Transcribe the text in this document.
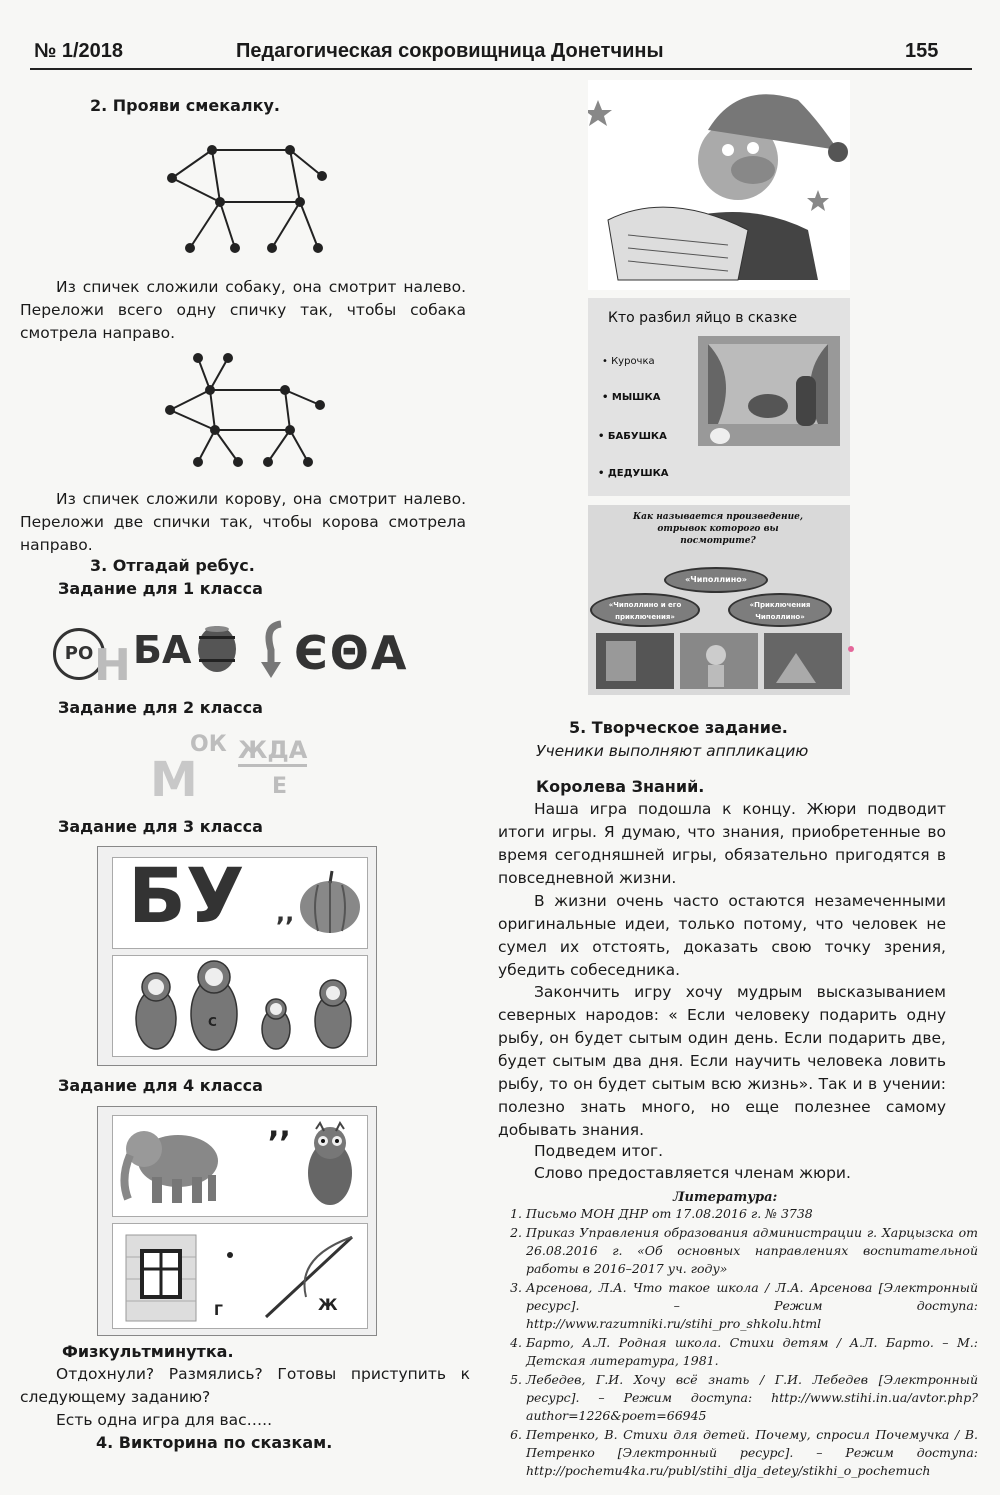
№ 1/2018	Педагогическая сокровищница Донетчины	155
2. Прояви смекалку.

Из спичек сложили собаку, она смотрит налево. Переложи всего одну спичку так, чтобы собака смотрела направо.

Из спичек сложили корову, она смотрит налево. Переложи две спички так, чтобы корова смотрела направо.

3. Отгадай ребус.
Задание для 1 класса
РО Н БА ЄΘА
Задание для 2 класса
М
ОК ЖДА
Е
Задание для 3 класса
БУ ,,
С
Задание для 4 класса
,,
Г	Ж
Физкультминутка.

Отдохнули? Размялись? Готовы приступить к следующему заданию?

Есть одна игра для вас…..

4. Викторина по сказкам.
Кто разбил яйцо в сказке
• Курочка
• МЫШКА
• БАБУШКА
• ДЕДУШКА
Как называется произведение, отрывок которого вы посмотрите?
«Чиполлино»
«Чиполлино и его приключения»
«Приключения Чиполлино»
5. Творческое задание.
Ученики выполняют аппликацию
Королева Знаний.

Наша игра подошла к концу. Жюри подводит итоги игры. Я думаю, что знания, приобретенные во время сегодняшней игры, обязательно пригодятся в повседневной жизни.

В жизни очень часто остаются незамеченными оригинальные идеи, только потому, что человек не сумел их отстоять, доказать свою точку зрения, убедить собеседника.

Закончить игру хочу мудрым высказыванием северных народов: « Если человеку подарить одну рыбу, он будет сытым один день. Если подарить две, будет сытым два дня. Если научить человека ловить рыбу, то он будет сытым всю жизнь». Так и в учении: полезно знать много, но еще полезнее самому добывать знания.

Подведем итог.

Слово предоставляется членам жюри.

Литература:
1. Письмо МОН ДНР от 17.08.2016 г. № 3738
2. Приказ Управления образования администрации г. Харцызска от 26.08.2016 г. «Об основных направлениях воспитательной работы в 2016–2017 уч. году»
3. Арсенова, Л.А. Что такое школа / Л.А. Арсенова [Электронный ресурс]. – Режим доступа: http://www.razumniki.ru/stihi_pro_shkolu.html
4. Барто, А.Л. Родная школа. Стихи детям / А.Л. Барто. – М.: Детская литература, 1981.
5. Лебедев, Г.И. Хочу всё знать / Г.И. Лебедев [Электронный ресурс]. – Режим доступа: http://www.stihi.in.ua/avtor.php?author=1226&poem=66945
6. Петренко, В. Стихи для детей. Почему, спросил Почемучка / В. Петренко [Электронный ресурс]. – Режим доступа: http://pochemu4ka.ru/publ/stihi_dlja_detey/stikhi_o_pochemuch
